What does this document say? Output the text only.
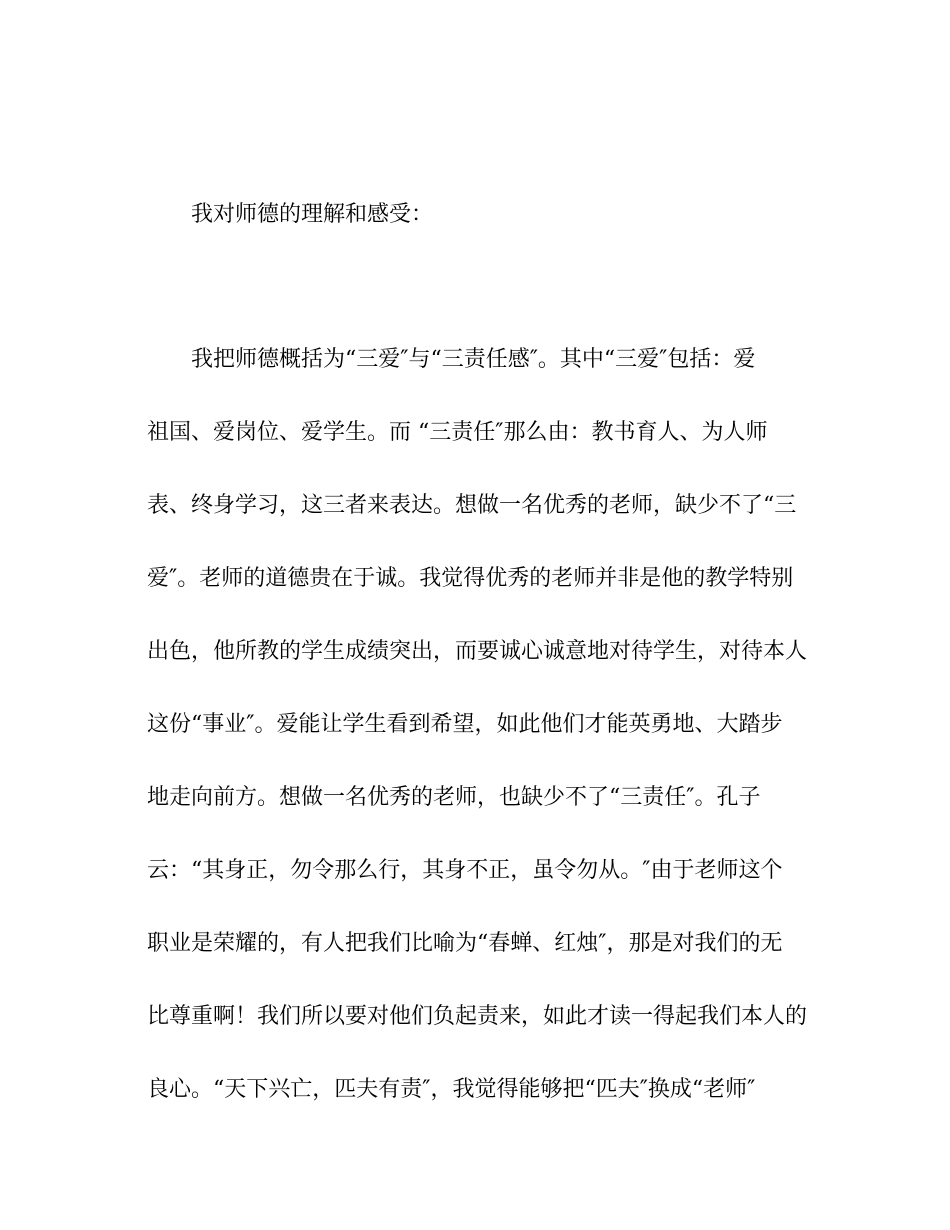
我对师德的理解和感受：

我把师德概括为“三爱″与“三责任感″。其中“三爱″包括：爱

祖国、爱岗位、爱学生。而 “三责任″那么由：教书育人、为人师

表、终身学习，这三者来表达。想做一名优秀的老师，缺少不了“三

爱″。老师的道德贵在于诚。我觉得优秀的老师并非是他的教学特别

出色，他所教的学生成绩突出，而要诚心诚意地对待学生，对待本人

这份“事业″。爱能让学生看到希望，如此他们才能英勇地、大踏步

地走向前方。想做一名优秀的老师，也缺少不了“三责任″。孔子

云：“其身正，勿令那么行，其身不正，虽令勿从。″由于老师这个

职业是荣耀的，有人把我们比喻为“春蝉、红烛″，那是对我们的无

比尊重啊！我们所以要对他们负起责来，如此才读一得起我们本人的

良心。“天下兴亡，匹夫有责″，我觉得能够把“匹夫″换成“老师″
